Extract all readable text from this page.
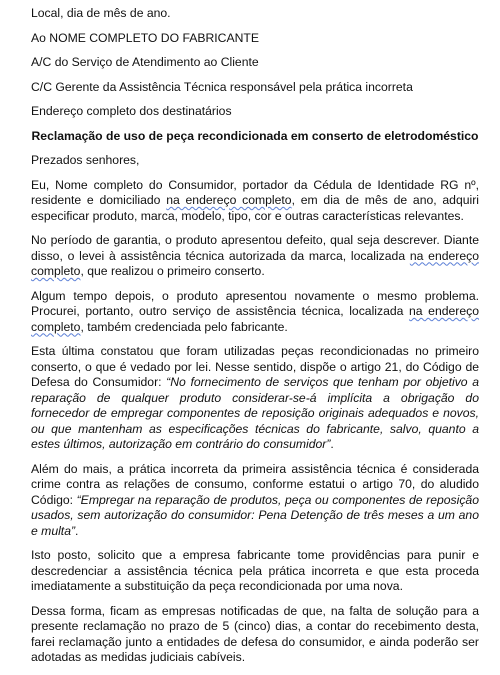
Local, dia de mês de ano.
Ao NOME COMPLETO DO FABRICANTE
A/C do Serviço de Atendimento ao Cliente
C/C Gerente da Assistência Técnica responsável pela prática incorreta
Endereço completo dos destinatários
Reclamação de uso de peça recondicionada em conserto de eletrodoméstico
Prezados senhores,

Eu, Nome completo do Consumidor, portador da Cédula de Identidade RG nº, residente e domiciliado na endereço completo, em dia de mês de ano, adquiri especificar produto, marca, modelo, tipo, cor e outras características relevantes.

No período de garantia, o produto apresentou defeito, qual seja descrever. Diante disso, o levei à assistência técnica autorizada da marca, localizada na endereço completo, que realizou o primeiro conserto.

Algum tempo depois, o produto apresentou novamente o mesmo problema. Procurei, portanto, outro serviço de assistência técnica, localizada na endereço completo, também credenciada pelo fabricante.

Esta última constatou que foram utilizadas peças recondicionadas no primeiro conserto, o que é vedado por lei. Nesse sentido, dispõe o artigo 21, do Código de Defesa do Consumidor: “No fornecimento de serviços que tenham por objetivo a reparação de qualquer produto considerar-se-á implícita a obrigação do fornecedor de empregar componentes de reposição originais adequados e novos, ou que mantenham as especificações técnicas do fabricante, salvo, quanto a estes últimos, autorização em contrário do consumidor”.

Além do mais, a prática incorreta da primeira assistência técnica é considerada crime contra as relações de consumo, conforme estatui o artigo 70, do aludido Código: “Empregar na reparação de produtos, peça ou componentes de reposição usados, sem autorização do consumidor: Pena Detenção de três meses a um ano e multa”.

Isto posto, solicito que a empresa fabricante tome providências para punir e descredenciar a assistência técnica pela prática incorreta e que esta proceda imediatamente a substituição da peça recondicionada por uma nova.

Dessa forma, ficam as empresas notificadas de que, na falta de solução para a presente reclamação no prazo de 5 (cinco) dias, a contar do recebimento desta, farei reclamação junto a entidades de defesa do consumidor, e ainda poderão ser adotadas as medidas judiciais cabíveis.
